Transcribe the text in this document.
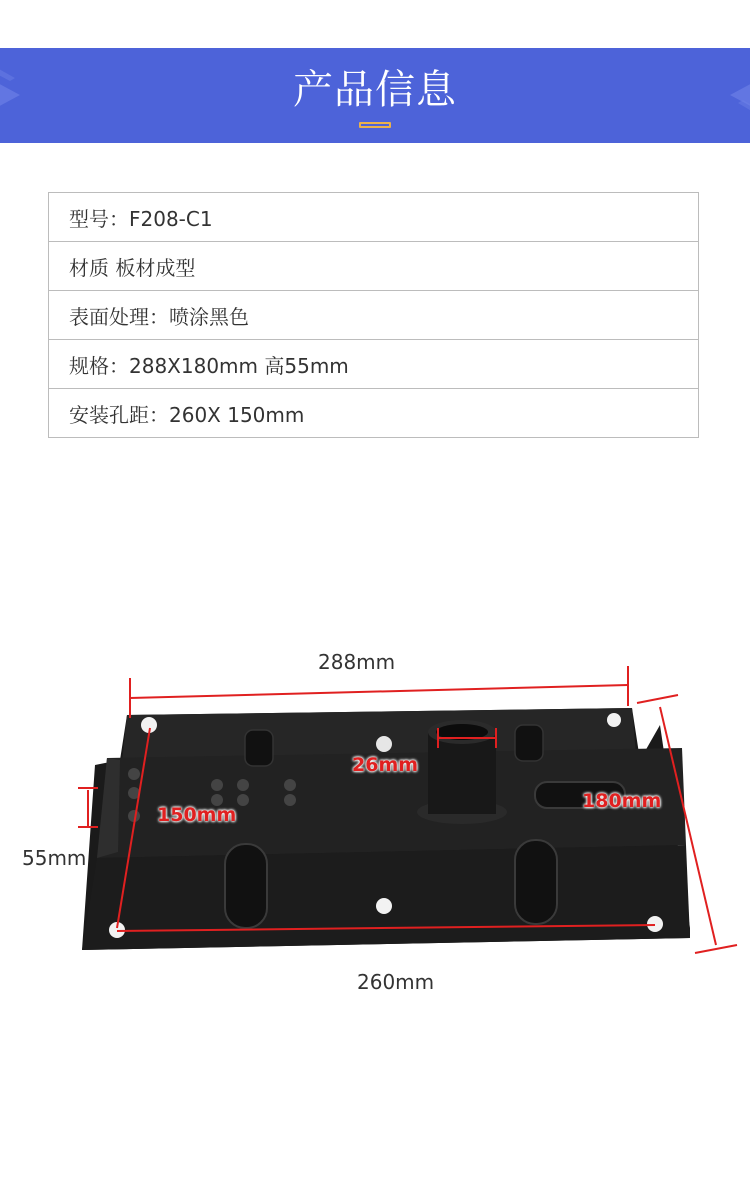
产品信息
型号：F208-C1
材质 板材成型
表面处理：喷涂黑色
规格：288X180mm 高55mm
安装孔距：260X 150mm
288mm
180mm
55mm
26mm
150mm
260mm
